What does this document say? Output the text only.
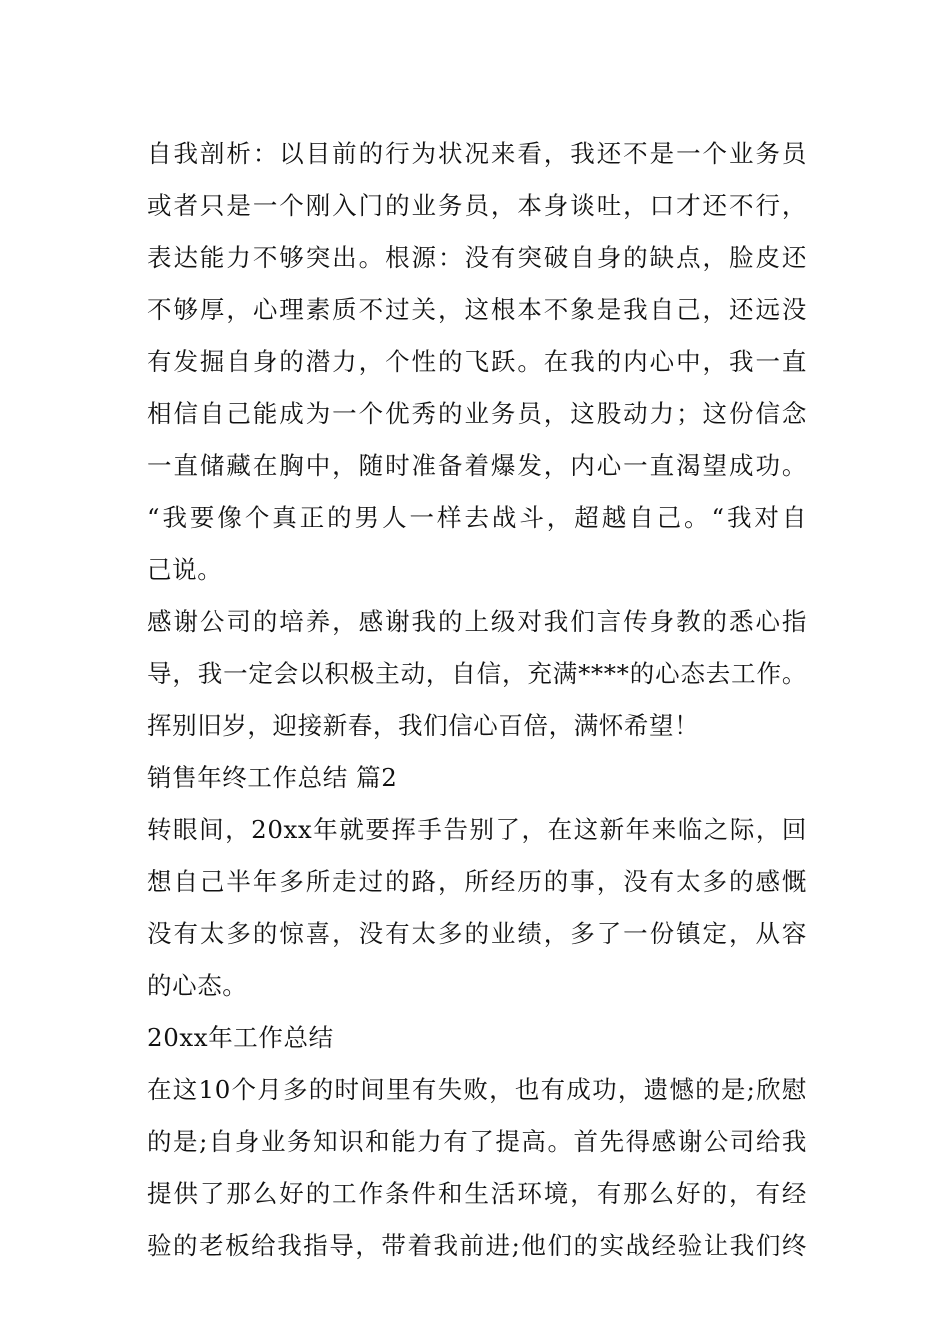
自我剖析：以目前的行为状况来看，我还不是一个业务员
或者只是一个刚入门的业务员，本身谈吐，口才还不行，
表达能力不够突出。根源：没有突破自身的缺点，脸皮还
不够厚，心理素质不过关，这根本不象是我自己，还远没
有发掘自身的潜力，个性的飞跃。在我的内心中，我一直
相信自己能成为一个优秀的业务员，这股动力；这份信念
一直储藏在胸中，随时准备着爆发，内心一直渴望成功。
“我要像个真正的男人一样去战斗，超越自己。“我对自
己说。
感谢公司的培养，感谢我的上级对我们言传身教的悉心指
导，我一定会以积极主动，自信，充满****的心态去工作。
挥别旧岁，迎接新春，我们信心百倍，满怀希望！
销售年终工作总结 篇2
转眼间，20xx年就要挥手告别了，在这新年来临之际，回
想自己半年多所走过的路，所经历的事，没有太多的感慨
没有太多的惊喜，没有太多的业绩，多了一份镇定，从容
的心态。
20xx年工作总结
在这10个月多的时间里有失败，也有成功，遗憾的是;欣慰
的是;自身业务知识和能力有了提高。首先得感谢公司给我
提供了那么好的工作条件和生活环境，有那么好的，有经
验的老板给我指导，带着我前进;他们的实战经验让我们终
